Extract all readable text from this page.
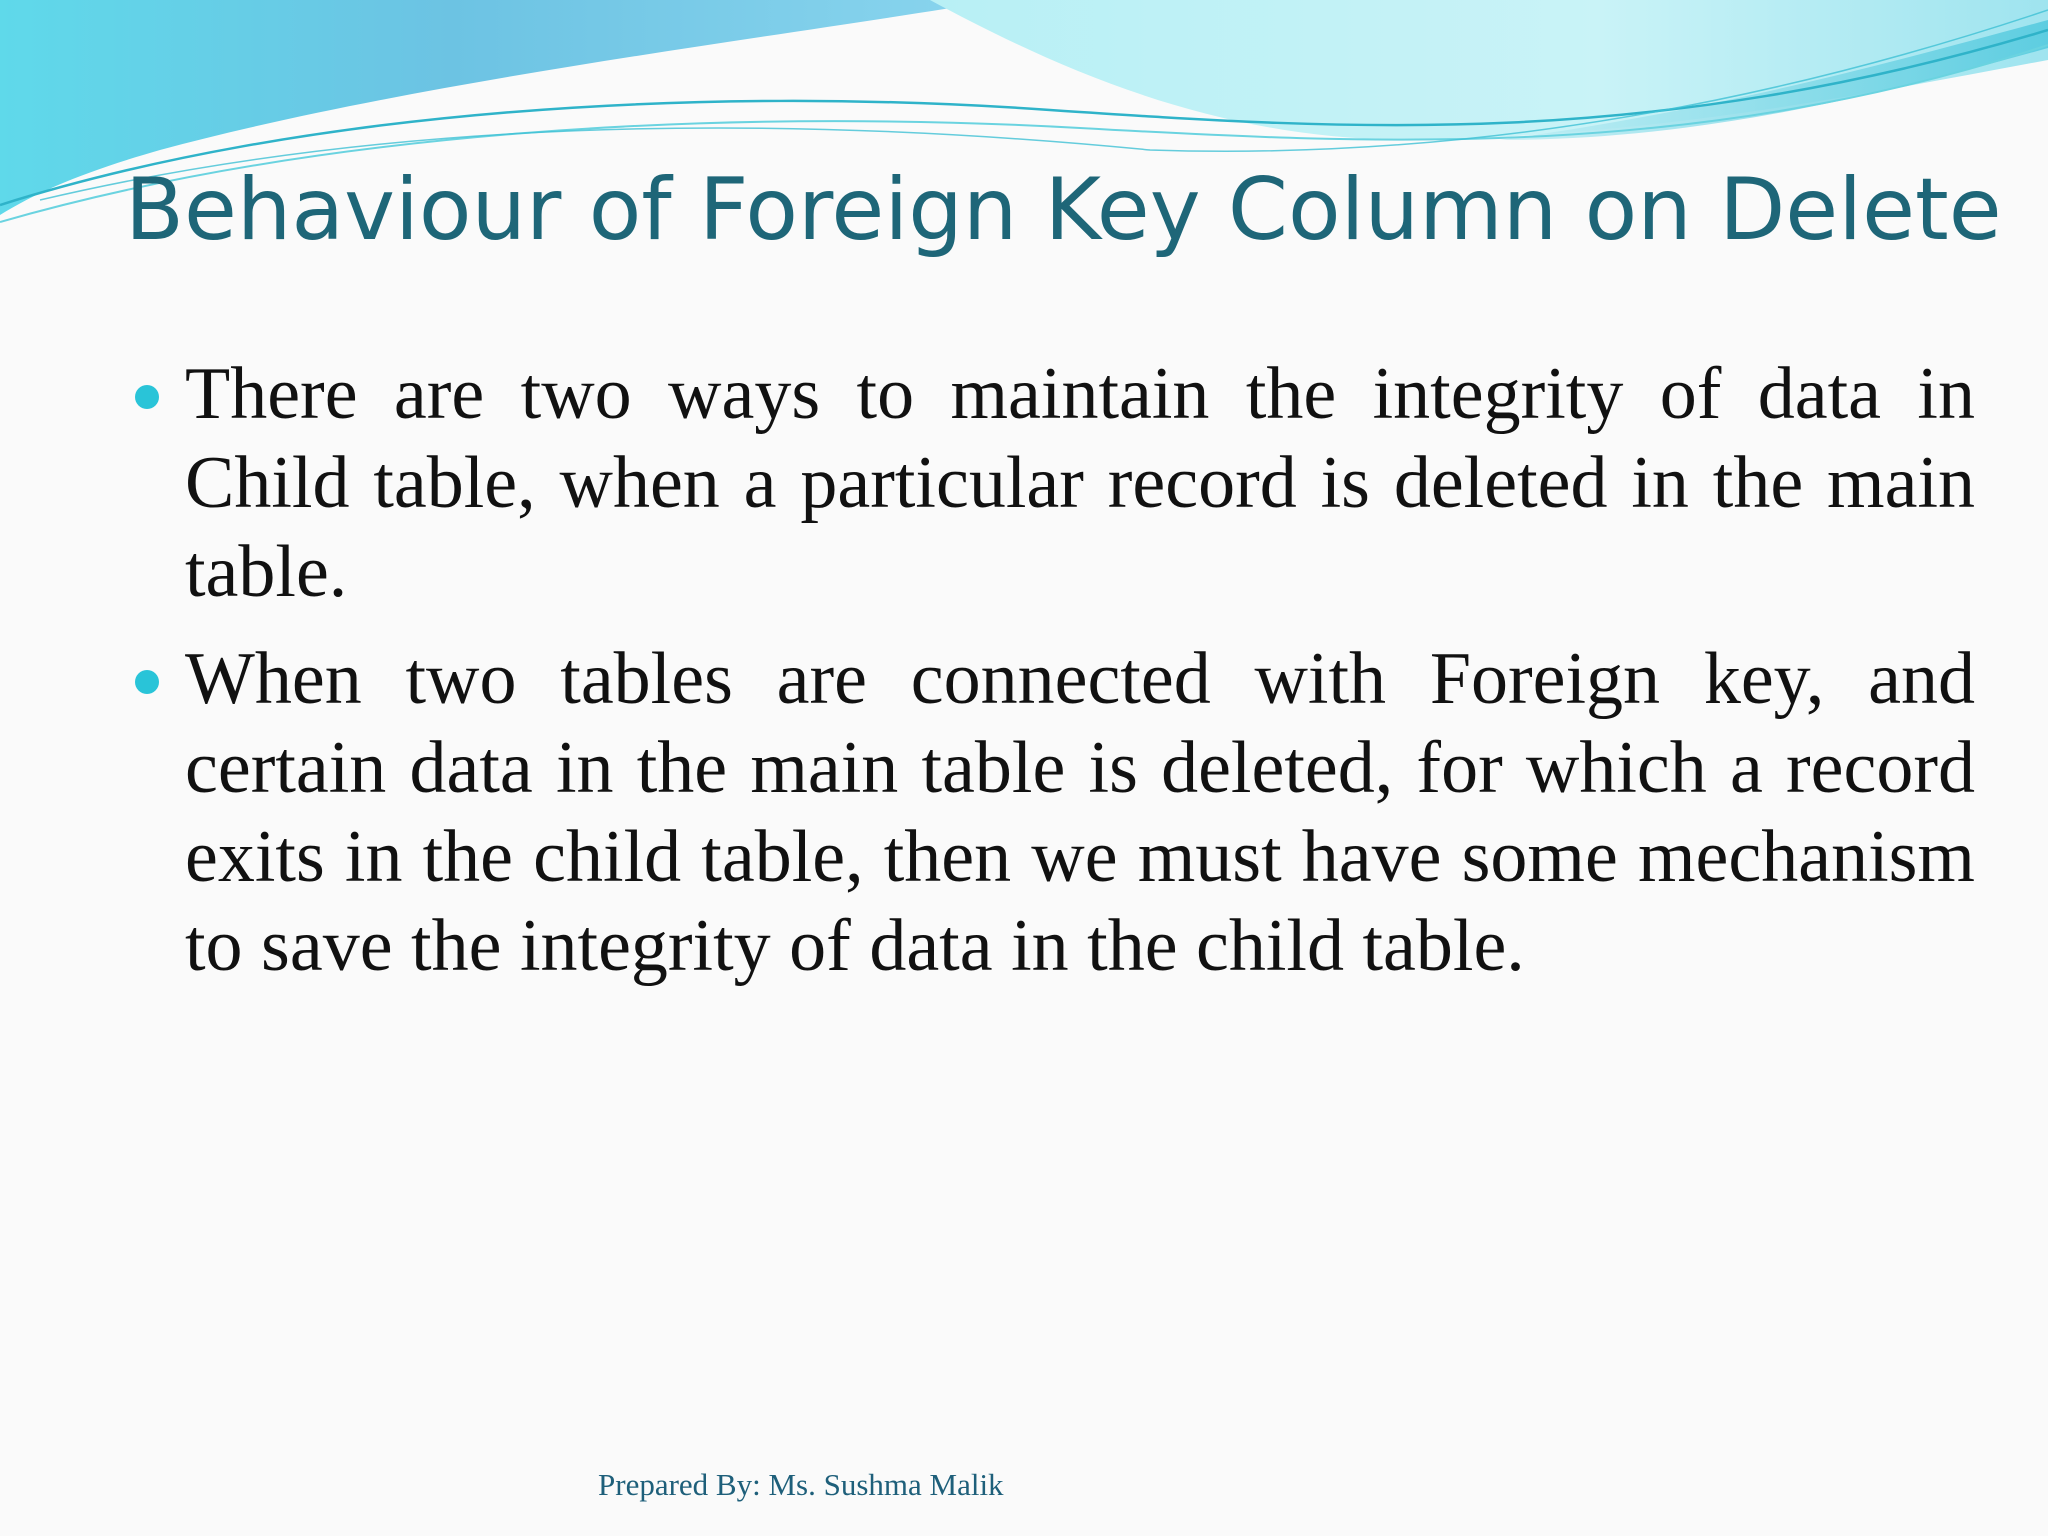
Behaviour of Foreign Key Column on Delete
There are two ways to maintain the integrity of data in Child table, when a particular record is deleted in the main table.
When two tables are connected with Foreign key, and certain data in the main table is deleted, for which a record exits in the child table, then we must have some mechanism to save the integrity of data in the child table.

Prepared By: Ms. Sushma Malik
